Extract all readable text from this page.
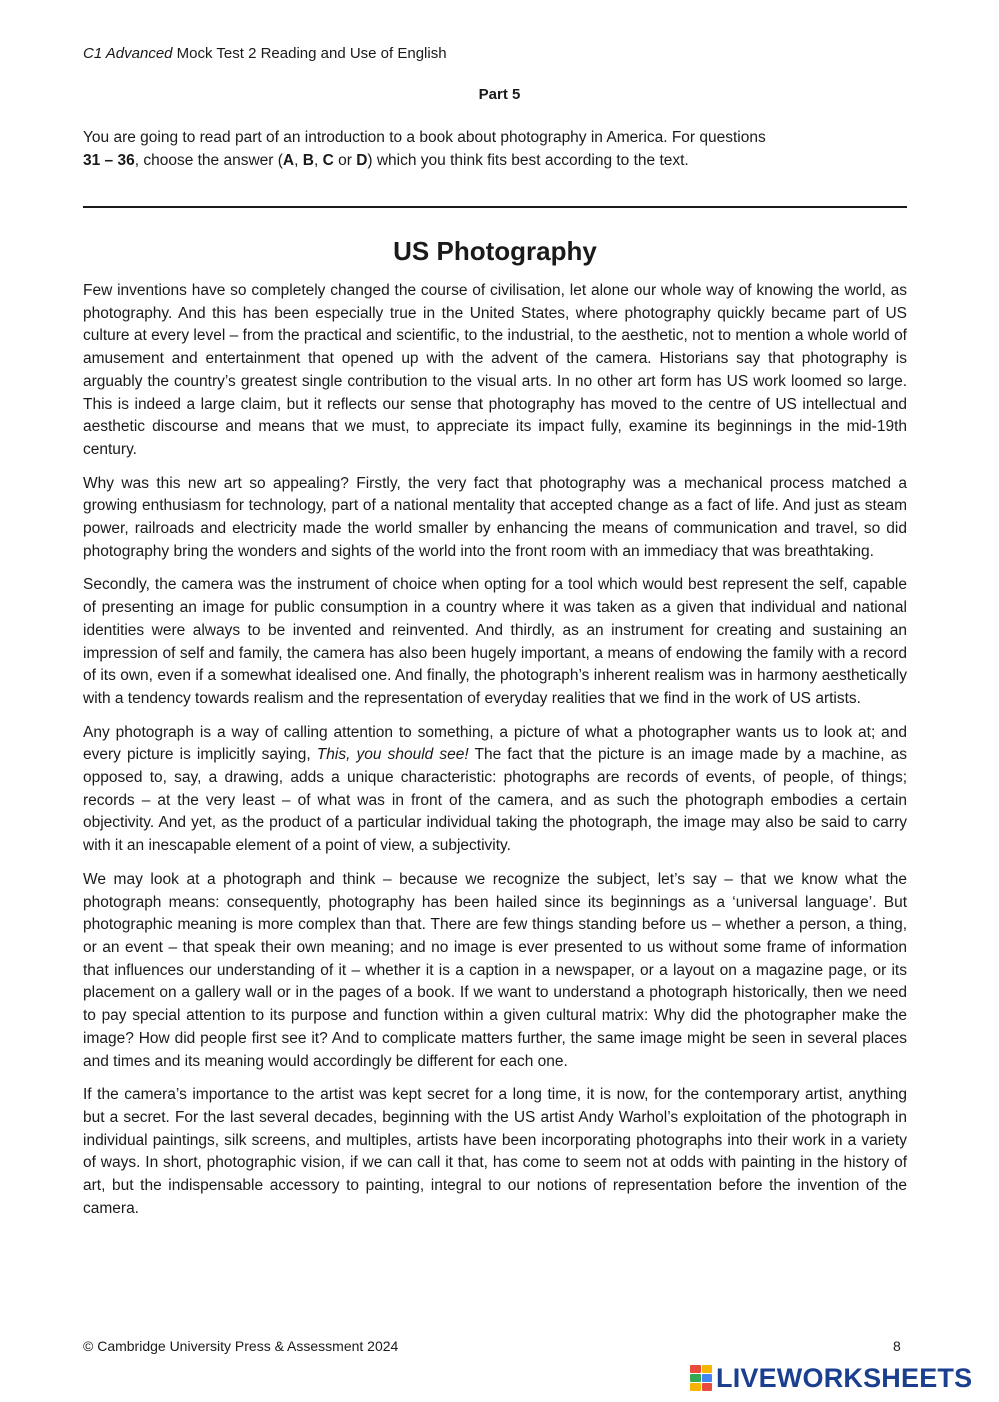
C1 Advanced Mock Test 2 Reading and Use of English
Part 5
You are going to read part of an introduction to a book about photography in America. For questions
31 – 36, choose the answer (A, B, C or D) which you think fits best according to the text.
US Photography

Few inventions have so completely changed the course of civilisation, let alone our whole way of knowing the world, as photography. And this has been especially true in the United States, where photography quickly became part of US culture at every level – from the practical and scientific, to the industrial, to the aesthetic, not to mention a whole world of amusement and entertainment that opened up with the advent of the camera. Historians say that photography is arguably the country’s greatest single contribution to the visual arts. In no other art form has US work loomed so large. This is indeed a large claim, but it reflects our sense that photography has moved to the centre of US intellectual and aesthetic discourse and means that we must, to appreciate its impact fully, examine its beginnings in the mid-19th century.

Why was this new art so appealing? Firstly, the very fact that photography was a mechanical process matched a growing enthusiasm for technology, part of a national mentality that accepted change as a fact of life. And just as steam power, railroads and electricity made the world smaller by enhancing the means of communication and travel, so did photography bring the wonders and sights of the world into the front room with an immediacy that was breathtaking.

Secondly, the camera was the instrument of choice when opting for a tool which would best represent the self, capable of presenting an image for public consumption in a country where it was taken as a given that individual and national identities were always to be invented and reinvented. And thirdly, as an instrument for creating and sustaining an impression of self and family, the camera has also been hugely important, a means of endowing the family with a record of its own, even if a somewhat idealised one. And finally, the photograph’s inherent realism was in harmony aesthetically with a tendency towards realism and the representation of everyday realities that we find in the work of US artists.

Any photograph is a way of calling attention to something, a picture of what a photographer wants us to look at; and every picture is implicitly saying, This, you should see! The fact that the picture is an image made by a machine, as opposed to, say, a drawing, adds a unique characteristic: photographs are records of events, of people, of things; records – at the very least – of what was in front of the camera, and as such the photograph embodies a certain objectivity. And yet, as the product of a particular individual taking the photograph, the image may also be said to carry with it an inescapable element of a point of view, a subjectivity.

We may look at a photograph and think – because we recognize the subject, let’s say – that we know what the photograph means: consequently, photography has been hailed since its beginnings as a ‘universal language’. But photographic meaning is more complex than that. There are few things standing before us – whether a person, a thing, or an event – that speak their own meaning; and no image is ever presented to us without some frame of information that influences our understanding of it – whether it is a caption in a newspaper, or a layout on a magazine page, or its placement on a gallery wall or in the pages of a book. If we want to understand a photograph historically, then we need to pay special attention to its purpose and function within a given cultural matrix: Why did the photographer make the image? How did people first see it? And to complicate matters further, the same image might be seen in several places and times and its meaning would accordingly be different for each one.

If the camera’s importance to the artist was kept secret for a long time, it is now, for the contemporary artist, anything but a secret. For the last several decades, beginning with the US artist Andy Warhol’s exploitation of the photograph in individual paintings, silk screens, and multiples, artists have been incorporating photographs into their work in a variety of ways. In short, photographic vision, if we can call it that, has come to seem not at odds with painting in the history of art, but the indispensable accessory to painting, integral to our notions of representation before the invention of the camera.

© Cambridge University Press & Assessment 2024	8
LIVEWORKSHEETS
